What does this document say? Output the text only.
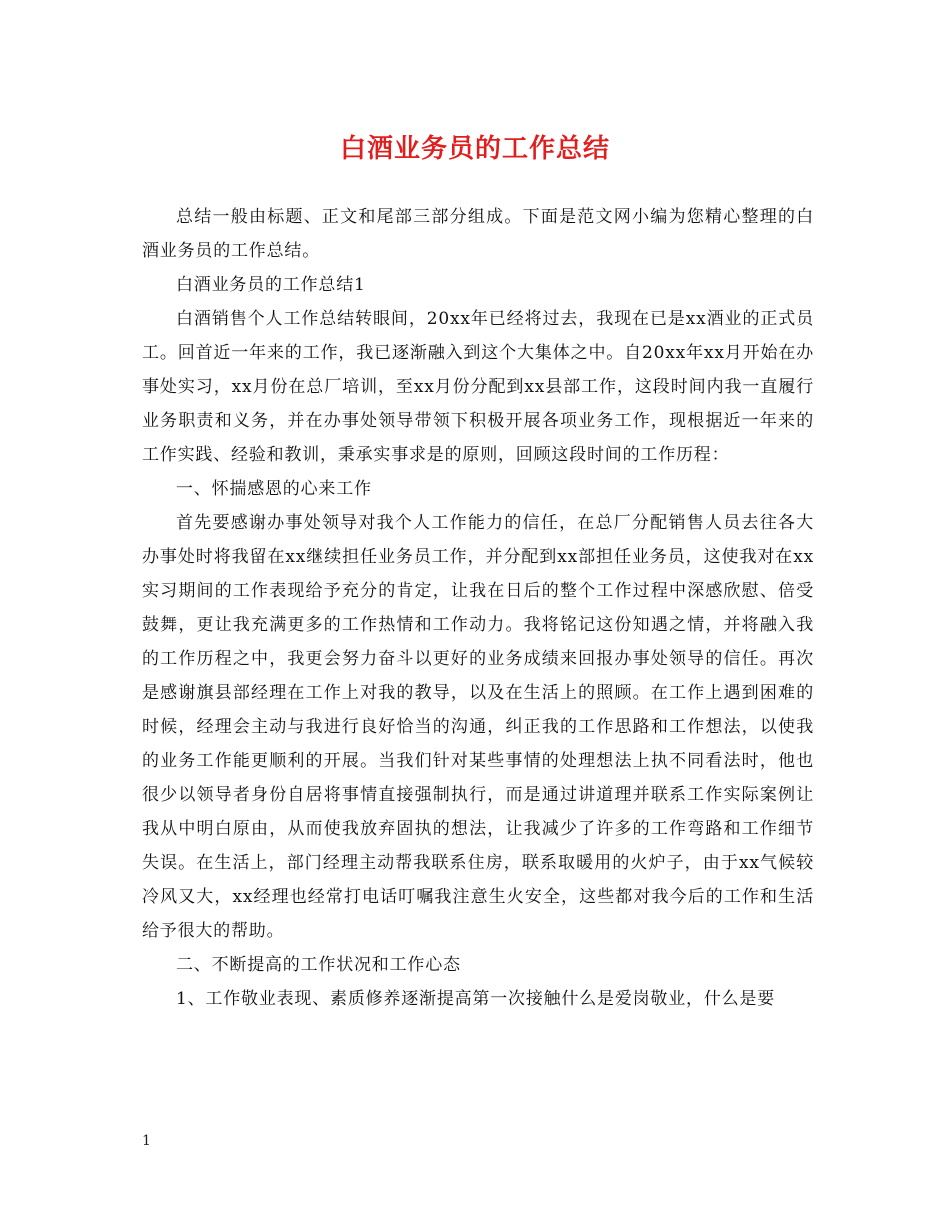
白酒业务员的工作总结

总结一般由标题、正文和尾部三部分组成。下面是范文网小编为您精心整理的白酒业务员的工作总结。

白酒业务员的工作总结1

白酒销售个人工作总结转眼间，20xx年已经将过去，我现在已是xx酒业的正式员工。回首近一年来的工作，我已逐渐融入到这个大集体之中。自20xx年xx月开始在办事处实习，xx月份在总厂培训，至xx月份分配到xx县部工作，这段时间内我一直履行业务职责和义务，并在办事处领导带领下积极开展各项业务工作，现根据近一年来的工作实践、经验和教训，秉承实事求是的原则，回顾这段时间的工作历程：

一、怀揣感恩的心来工作

首先要感谢办事处领导对我个人工作能力的信任，在总厂分配销售人员去往各大办事处时将我留在xx继续担任业务员工作，并分配到xx部担任业务员，这使我对在xx实习期间的工作表现给予充分的肯定，让我在日后的整个工作过程中深感欣慰、倍受鼓舞，更让我充满更多的工作热情和工作动力。我将铭记这份知遇之情，并将融入我的工作历程之中，我更会努力奋斗以更好的业务成绩来回报办事处领导的信任。再次是感谢旗县部经理在工作上对我的教导，以及在生活上的照顾。在工作上遇到困难的时候，经理会主动与我进行良好恰当的沟通，纠正我的工作思路和工作想法，以使我的业务工作能更顺利的开展。当我们针对某些事情的处理想法上执不同看法时，他也很少以领导者身份自居将事情直接强制执行，而是通过讲道理并联系工作实际案例让我从中明白原由，从而使我放弃固执的想法，让我减少了许多的工作弯路和工作细节失误。在生活上，部门经理主动帮我联系住房，联系取暖用的火炉子，由于xx气候较冷风又大，xx经理也经常打电话叮嘱我注意生火安全，这些都对我今后的工作和生活给予很大的帮助。

二、不断提高的工作状况和工作心态

1、工作敬业表现、素质修养逐渐提高第一次接触什么是爱岗敬业，什么是要

1
